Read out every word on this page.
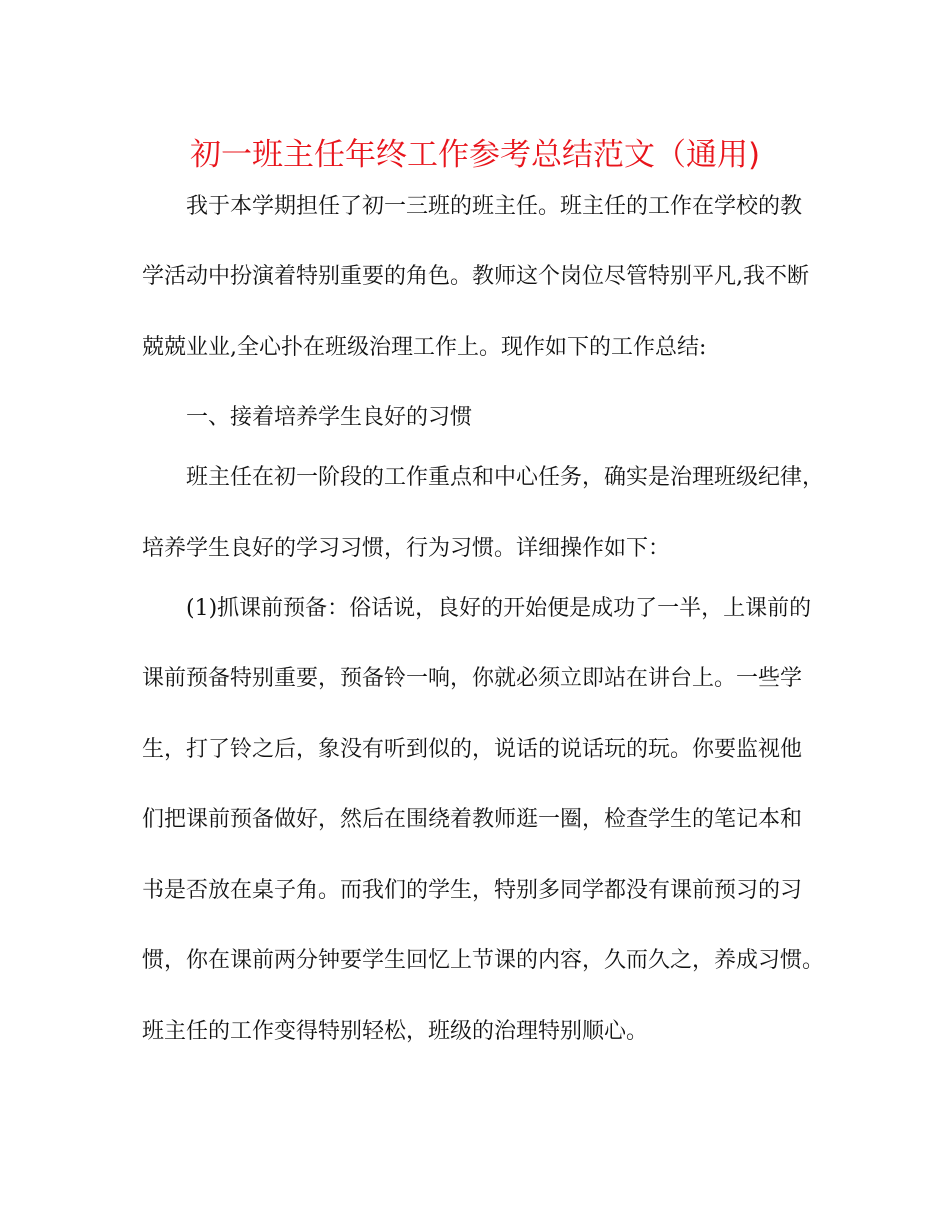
初一班主任年终工作参考总结范文（通用)

我于本学期担任了初一三班的班主任。班主任的工作在学校的教

学活动中扮演着特别重要的角色。教师这个岗位尽管特别平凡,我不断

兢兢业业,全心扑在班级治理工作上。现作如下的工作总结:

一、接着培养学生良好的习惯

班主任在初一阶段的工作重点和中心任务，确实是治理班级纪律，

培养学生良好的学习习惯，行为习惯。详细操作如下：

(1)抓课前预备：俗话说，良好的开始便是成功了一半，上课前的

课前预备特别重要，预备铃一响，你就必须立即站在讲台上。一些学

生，打了铃之后，象没有听到似的，说话的说话玩的玩。你要监视他

们把课前预备做好，然后在围绕着教师逛一圈，检查学生的笔记本和

书是否放在桌子角。而我们的学生，特别多同学都没有课前预习的习

惯，你在课前两分钟要学生回忆上节课的内容，久而久之，养成习惯。

班主任的工作变得特别轻松，班级的治理特别顺心。
